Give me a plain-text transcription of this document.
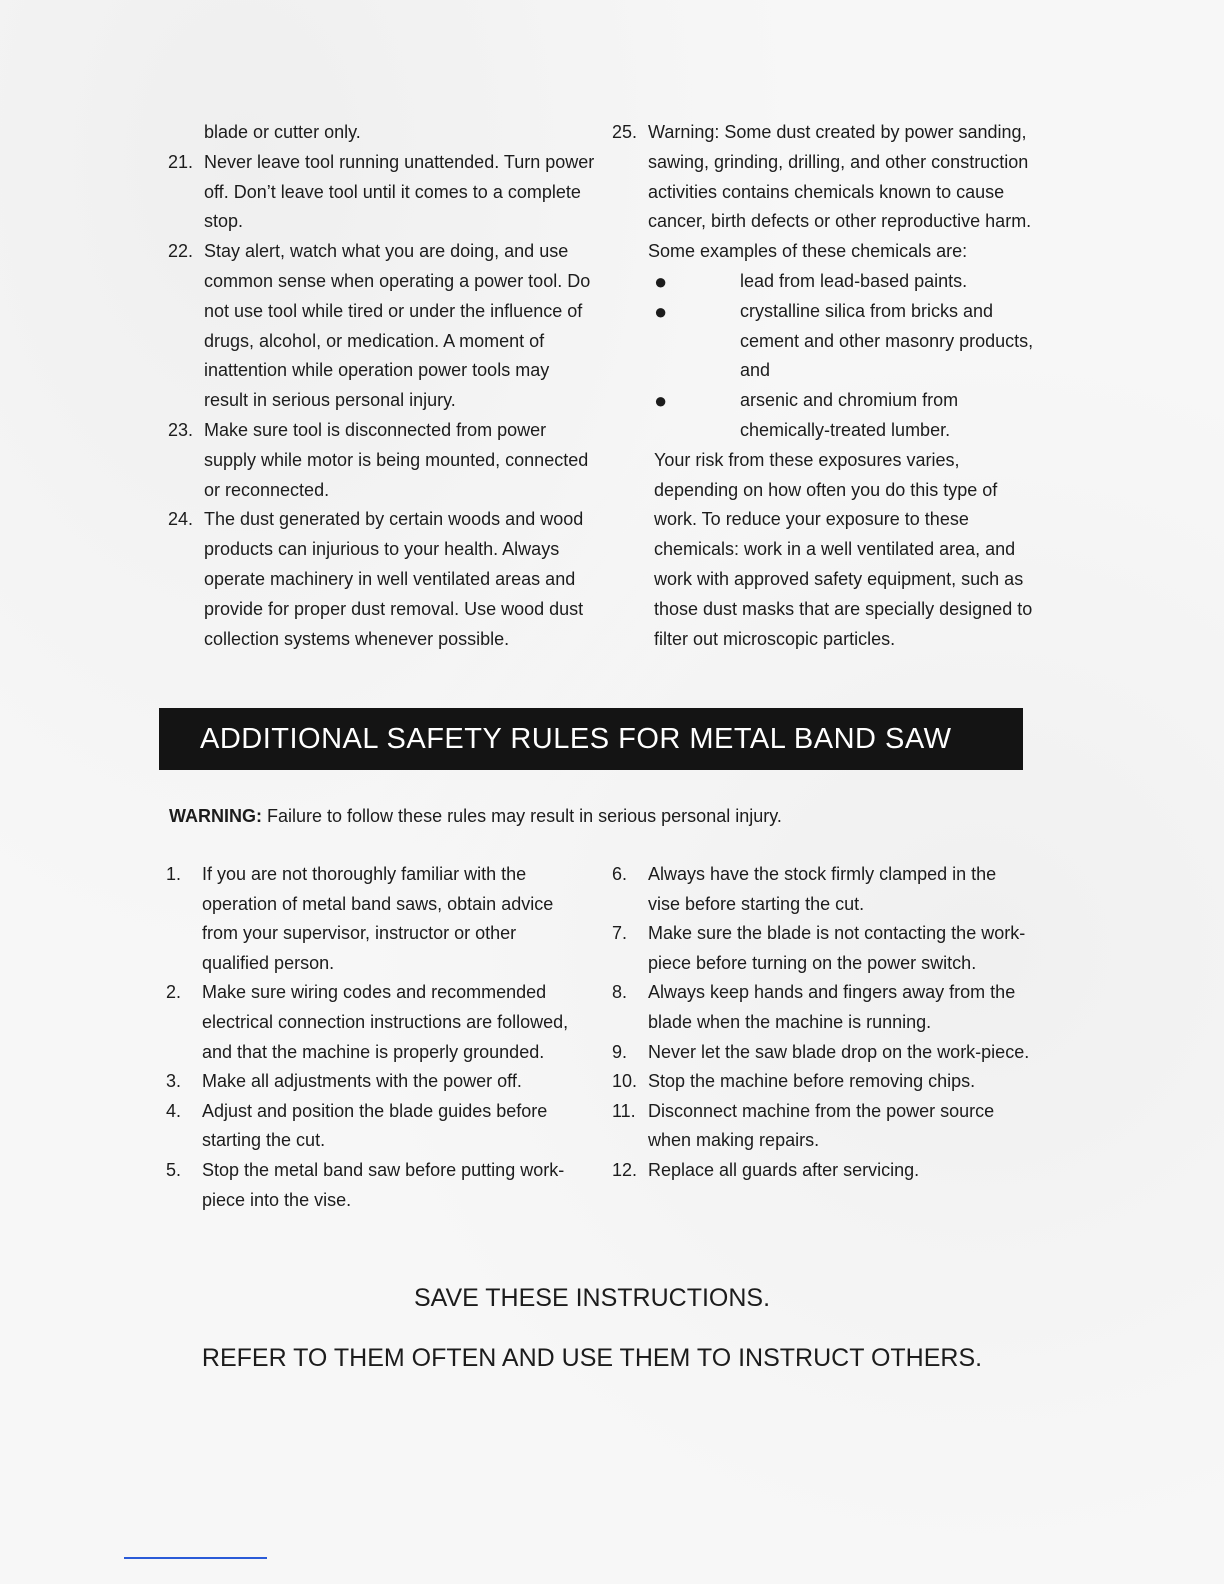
blade or cutter only.
21. Never leave tool running unattended. Turn power off. Don’t leave tool until it comes to a complete stop.
22. Stay alert, watch what you are doing, and use common sense when operating a power tool. Do not use tool while tired or under the influence of drugs, alcohol, or medication. A moment of inattention while operation power tools may result in serious personal injury.
23. Make sure tool is disconnected from power supply while motor is being mounted, connected or reconnected.
24. The dust generated by certain woods and wood products can injurious to your health. Always operate machinery in well ventilated areas and provide for proper dust removal. Use wood dust collection systems whenever possible.
25. Warning: Some dust created by power sanding, sawing, grinding, drilling, and other construction activities contains chemicals known to cause cancer, birth defects or other reproductive harm. Some examples of these chemicals are:
●	lead from lead-based paints.
●	crystalline silica from bricks and cement and other masonry products, and
●	arsenic and chromium from chemically-treated lumber.
Your risk from these exposures varies, depending on how often you do this type of work. To reduce your exposure to these chemicals: work in a well ventilated area, and work with approved safety equipment, such as those dust masks that are specially designed to filter out microscopic particles.
ADDITIONAL SAFETY RULES FOR METAL BAND SAW
WARNING: Failure to follow these rules may result in serious personal injury.
1.	If you are not thoroughly familiar with the operation of metal band saws, obtain advice from your supervisor, instructor or other qualified person.
2.	Make sure wiring codes and recommended electrical connection instructions are followed, and that the machine is properly grounded.
3.	Make all adjustments with the power off.
4.	Adjust and position the blade guides before starting the cut.
5.	Stop the metal band saw before putting work-piece into the vise.
6.	Always have the stock firmly clamped in the vise before starting the cut.
7.	Make sure the blade is not contacting the work-piece before turning on the power switch.
8.	Always keep hands and fingers away from the blade when the machine is running.
9.	Never let the saw blade drop on the work-piece.
10. Stop the machine before removing chips.
11. Disconnect machine from the power source when making repairs.
12. Replace all guards after servicing.
SAVE THESE INSTRUCTIONS.
REFER TO THEM OFTEN AND USE THEM TO INSTRUCT OTHERS.
